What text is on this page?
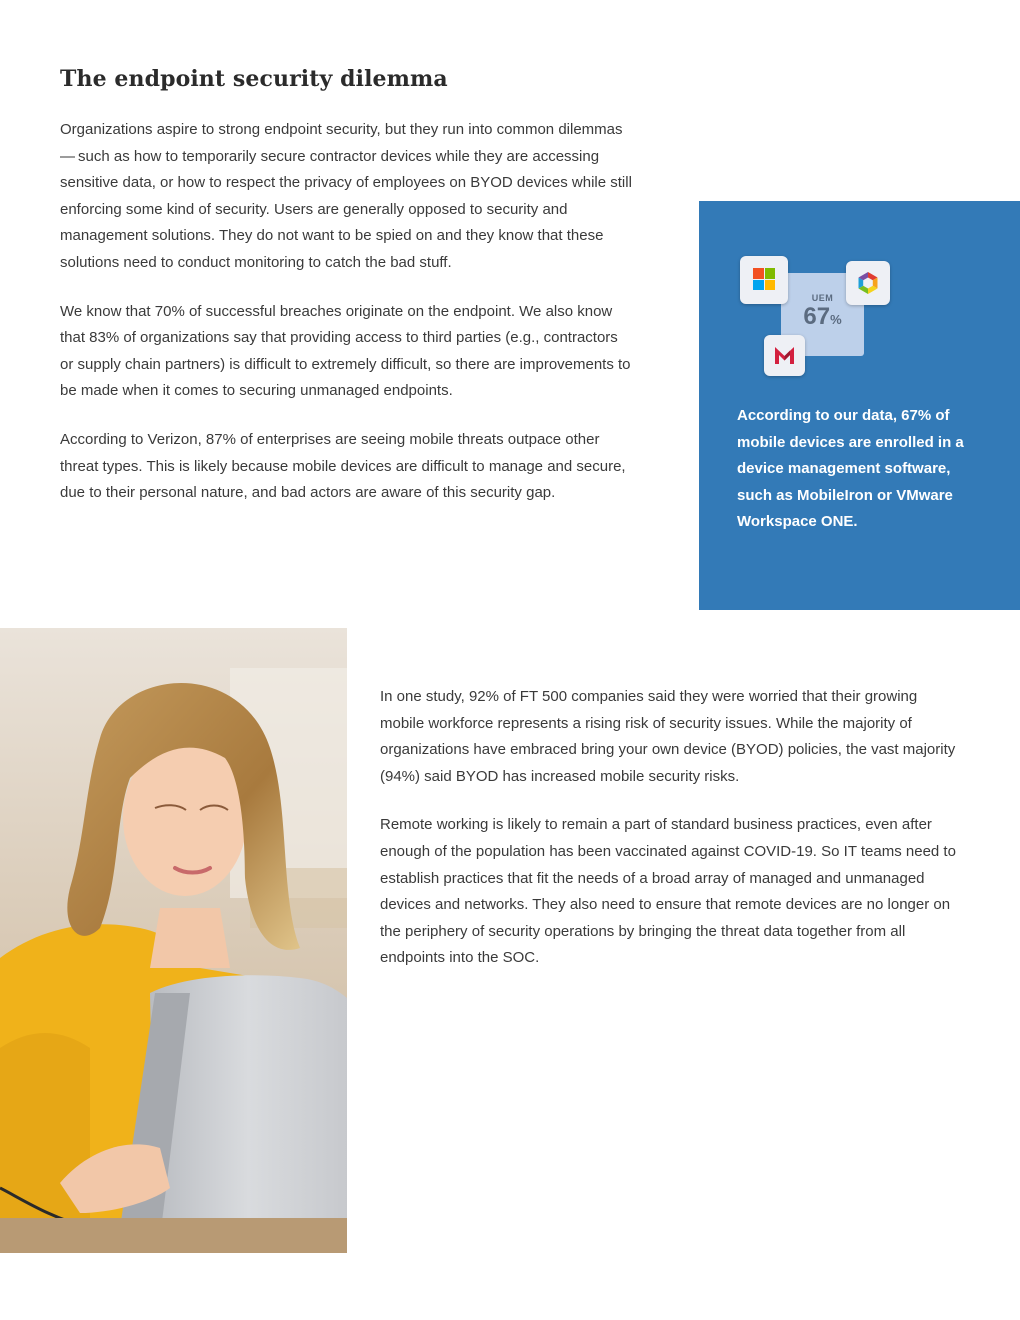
The endpoint security dilemma

Organizations aspire to strong endpoint security, but they run into common dilemmas — such as how to temporarily secure contractor devices while they are accessing sensitive data, or how to respect the privacy of employees on BYOD devices while still enforcing some kind of security. Users are generally opposed to security and management solutions. They do not want to be spied on and they know that these solutions need to conduct monitoring to catch the bad stuff.

We know that 70% of successful breaches originate on the endpoint. We also know that 83% of organizations say that providing access to third parties (e.g., contractors or supply chain partners) is difficult to extremely difficult, so there are improvements to be made when it comes to securing unmanaged endpoints.

According to Verizon, 87% of enterprises are seeing mobile threats outpace other threat types. This is likely because mobile devices are difficult to manage and secure, due to their personal nature, and bad actors are aware of this security gap.

UEM
67%

According to our data, 67% of mobile devices are enrolled in a device management software, such as MobileIron or VMware Workspace ONE.

In one study, 92% of FT 500 companies said they were worried that their growing mobile workforce represents a rising risk of security issues. While the majority of organizations have embraced bring your own device (BYOD) policies, the vast majority (94%) said BYOD has increased mobile security risks.

Remote working is likely to remain a part of standard business practices, even after enough of the population has been vaccinated against COVID-19. So IT teams need to establish practices that fit the needs of a broad array of managed and unmanaged devices and networks. They also need to ensure that remote devices are no longer on the periphery of security operations by bringing the threat data together from all endpoints into the SOC.
